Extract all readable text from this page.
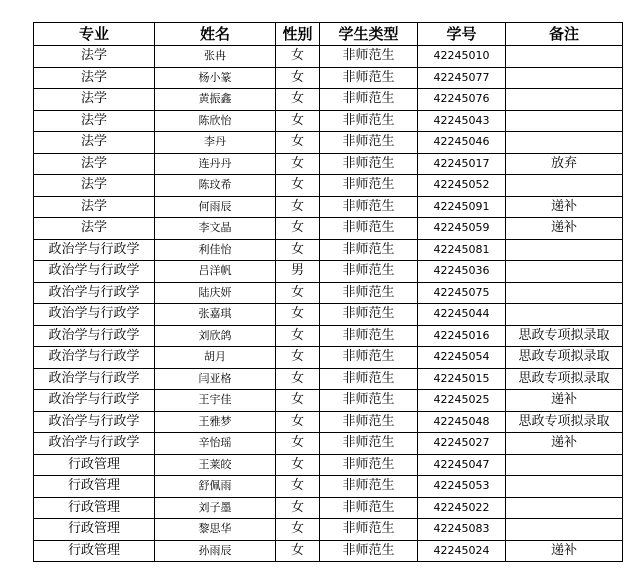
专业	姓名	性别	学生类型	学号	备注
法学	张冉	女	非师范生	42245010	
法学	杨小篆	女	非师范生	42245077	
法学	黄振鑫	女	非师范生	42245076	
法学	陈欣怡	女	非师范生	42245043	
法学	李丹	女	非师范生	42245046	
法学	连丹丹	女	非师范生	42245017	放弃
法学	陈玟希	女	非师范生	42245052	
法学	何雨辰	女	非师范生	42245091	递补
法学	李文晶	女	非师范生	42245059	递补
政治学与行政学	利佳怡	女	非师范生	42245081	
政治学与行政学	吕洋帆	男	非师范生	42245036	
政治学与行政学	陆庆妍	女	非师范生	42245075	
政治学与行政学	张嘉琪	女	非师范生	42245044	
政治学与行政学	刘欣鸽	女	非师范生	42245016	思政专项拟录取
政治学与行政学	胡月	女	非师范生	42245054	思政专项拟录取
政治学与行政学	闫亚格	女	非师范生	42245015	思政专项拟录取
政治学与行政学	王宇佳	女	非师范生	42245025	递补
政治学与行政学	王雅梦	女	非师范生	42245048	思政专项拟录取
政治学与行政学	辛怡瑶	女	非师范生	42245027	递补
行政管理	王莱皎	女	非师范生	42245047	
行政管理	舒佩雨	女	非师范生	42245053	
行政管理	刘子墨	女	非师范生	42245022	
行政管理	黎思华	女	非师范生	42245083	
行政管理	孙雨辰	女	非师范生	42245024	递补
